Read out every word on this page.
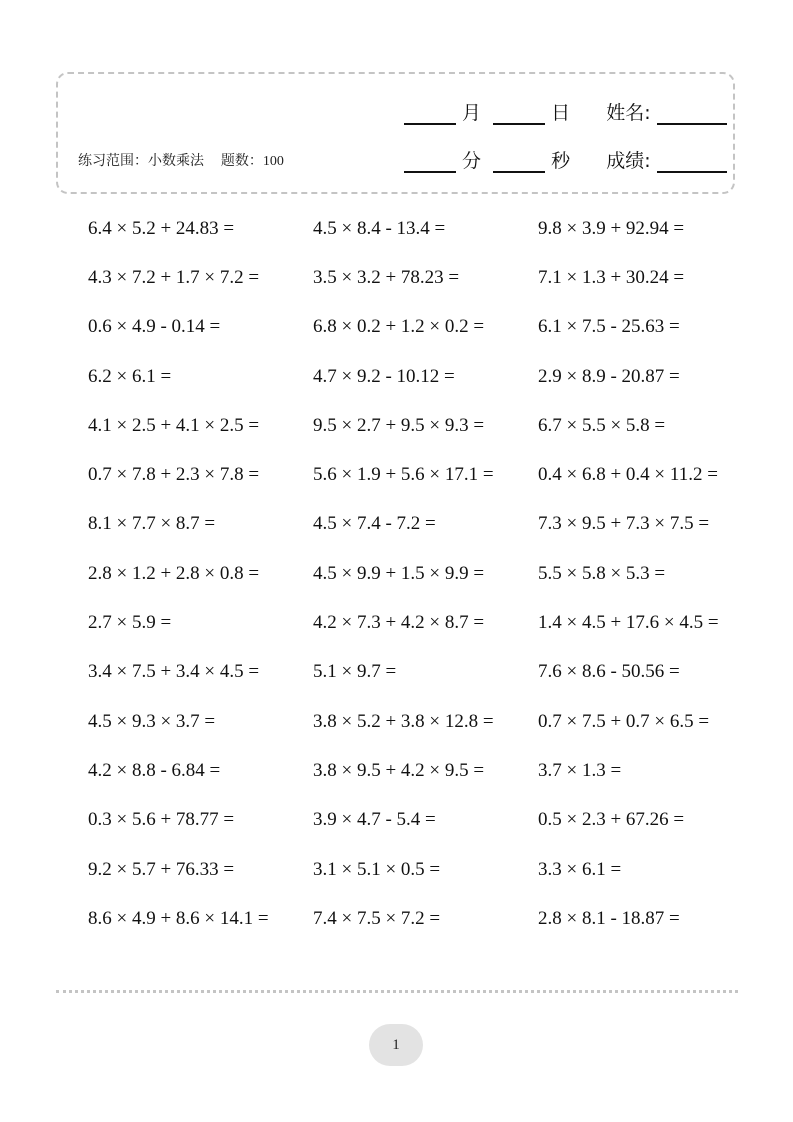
月	日 姓名:
分	秒 成绩:
练习范围：小数乘法 题数：100
6.4 × 5.2 + 24.83 =	4.5 × 8.4 - 13.4 =	9.8 × 3.9 + 92.94 =
4.3 × 7.2 + 1.7 × 7.2 =	3.5 × 3.2 + 78.23 =	7.1 × 1.3 + 30.24 =
0.6 × 4.9 - 0.14 =	6.8 × 0.2 + 1.2 × 0.2 =	6.1 × 7.5 - 25.63 =
6.2 × 6.1 =	4.7 × 9.2 - 10.12 =	2.9 × 8.9 - 20.87 =
4.1 × 2.5 + 4.1 × 2.5 =	9.5 × 2.7 + 9.5 × 9.3 =	6.7 × 5.5 × 5.8 =
0.7 × 7.8 + 2.3 × 7.8 =	5.6 × 1.9 + 5.6 × 17.1 =	0.4 × 6.8 + 0.4 × 11.2 =
8.1 × 7.7 × 8.7 =	4.5 × 7.4 - 7.2 =	7.3 × 9.5 + 7.3 × 7.5 =
2.8 × 1.2 + 2.8 × 0.8 =	4.5 × 9.9 + 1.5 × 9.9 =	5.5 × 5.8 × 5.3 =
2.7 × 5.9 =	4.2 × 7.3 + 4.2 × 8.7 =	1.4 × 4.5 + 17.6 × 4.5 =
3.4 × 7.5 + 3.4 × 4.5 =	5.1 × 9.7 =	7.6 × 8.6 - 50.56 =
4.5 × 9.3 × 3.7 =	3.8 × 5.2 + 3.8 × 12.8 =	0.7 × 7.5 + 0.7 × 6.5 =
4.2 × 8.8 - 6.84 =	3.8 × 9.5 + 4.2 × 9.5 =	3.7 × 1.3 =
0.3 × 5.6 + 78.77 =	3.9 × 4.7 - 5.4 =	0.5 × 2.3 + 67.26 =
9.2 × 5.7 + 76.33 =	3.1 × 5.1 × 0.5 =	3.3 × 6.1 =
8.6 × 4.9 + 8.6 × 14.1 =	7.4 × 7.5 × 7.2 =	2.8 × 8.1 - 18.87 =
1
